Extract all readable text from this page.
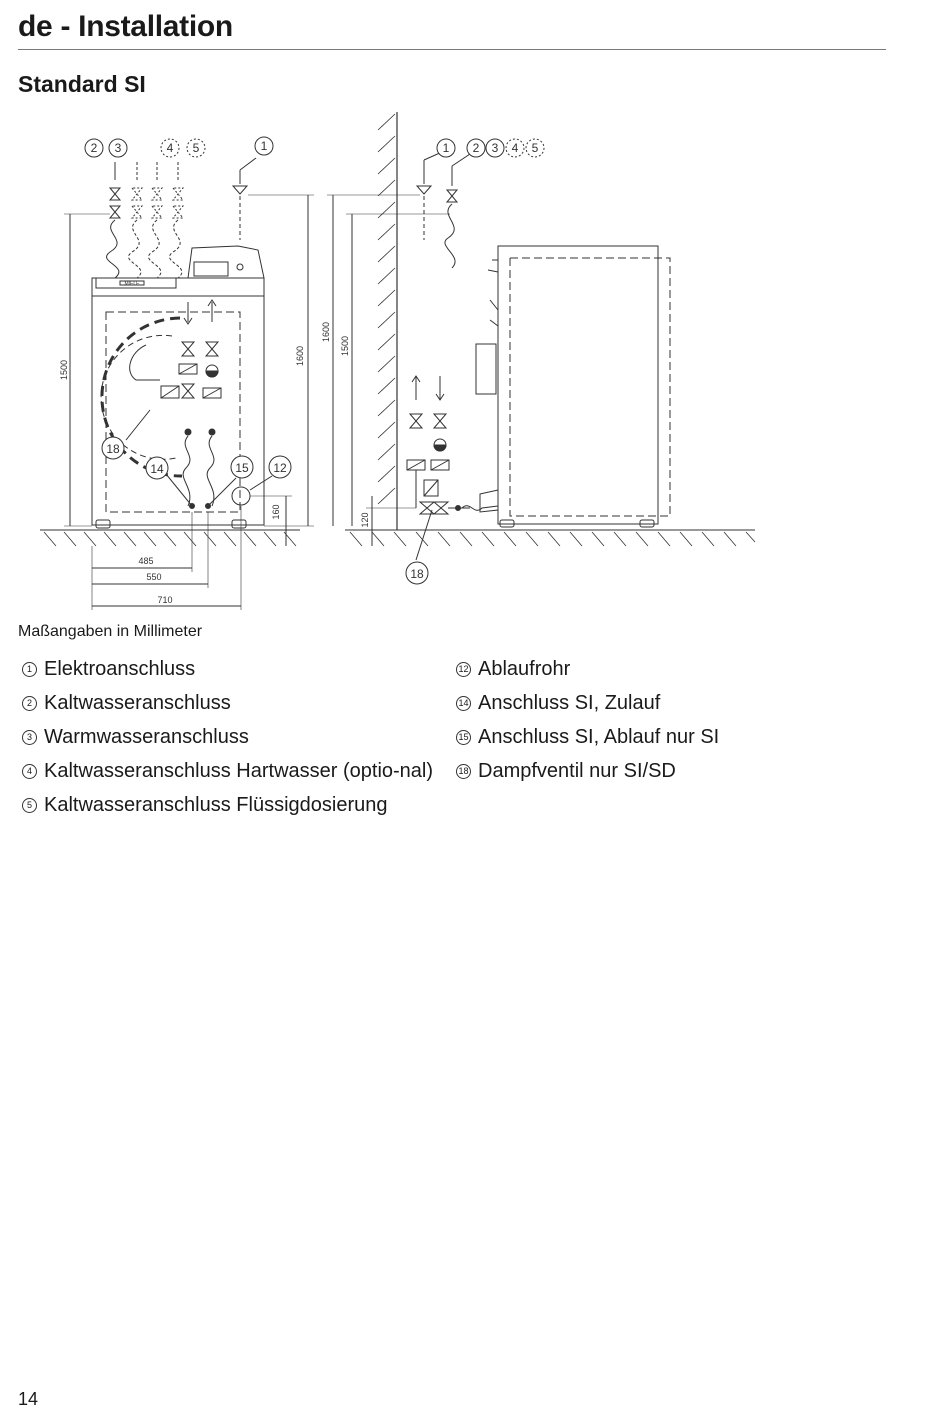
de - Installation
Standard SI
2 3	4 5	1	1 2 3 4 5
18
14	15 12
18
MIELE
1500
1600
160
1600
1500
120
485
550
710
Maßangaben in Millimeter
1 Elektroanschluss
2 Kaltwasseranschluss
3 Warmwasseranschluss
4 Kaltwasseranschluss Hartwasser (optio-nal)
5 Kaltwasseranschluss Flüssigdosierung
12 Ablaufrohr
14 Anschluss SI, Zulauf
15 Anschluss SI, Ablauf nur SI
18 Dampfventil nur SI/SD
14
